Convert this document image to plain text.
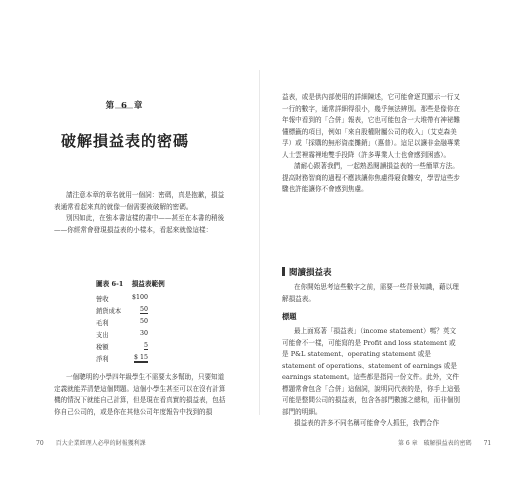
第 6 章
破解損益表的密碼

請注意本章的章名就用一個詞：密碼，真是抱歉，損益表通常看起來真的就像一個需要被破解的密碼。

別因如此，在強本書這樣的書中——甚至在本書的稍後——你經常會發現損益表的小樣本，看起來就像這樣：

圖表 6-1 損益表範例
營收	$100
銷貨成本	50
毛利	50
支出	30
稅額	5
淨利	$ 15

一個聰明的小學四年級學生不需要太多幫助，只要知道定義就能弄清楚這個問題。這個小學生甚至可以在沒有計算機的情況下就能自己計算，但是現在看真實的損益表，包括你自己公司的，或是你在其他公司年度報告中找到的損

70 百大企業經理人必學的財報獲利課

益表，或是供內部使用的詳細陳述，它可能會逐頁顯示一行又一行的數字，通常詳細得很小，幾乎無法辨別。那些是像你在年報中看到的「合併」報表，它也可能包含一大堆帶有神祕難懂標籤的項目，例如「來自股權附屬公司的收入」（艾克森美孚）或「採購的無形資產攤銷」（惠普）。這足以讓非金融專業人士雲裡霧裡地雙手投降（許多專業人士也會感到困惑）。

請耐心跟著我們，一起熟悉閱讀損益表的一些簡單方法。提高財務智商的過程不應該讓你焦慮得寢食難安，學習這些步驟也許能讓你不會感到焦慮。

閱讀損益表

在你開始思考這些數字之前，需要一些背景知識，藉以理解損益表。

標題

最上面寫著「損益表」（income statement）嗎？英文可能會不一樣，可能寫的是 Profit and loss statement 或是 P&L statement、operating statement 或是 statement of operations、statement of earnings 或是 earnings statement。這些都是指同一份文件。此外，文件標題常會包含「合併」這個詞，說明同代表的是，你手上這張可能是整間公司的損益表，包含各部門數據之總和，而非個別部門的明細。

損益表的許多不同名稱可能會令人抓狂，我們合作

第 6 章　破解損益表的密碼 71
